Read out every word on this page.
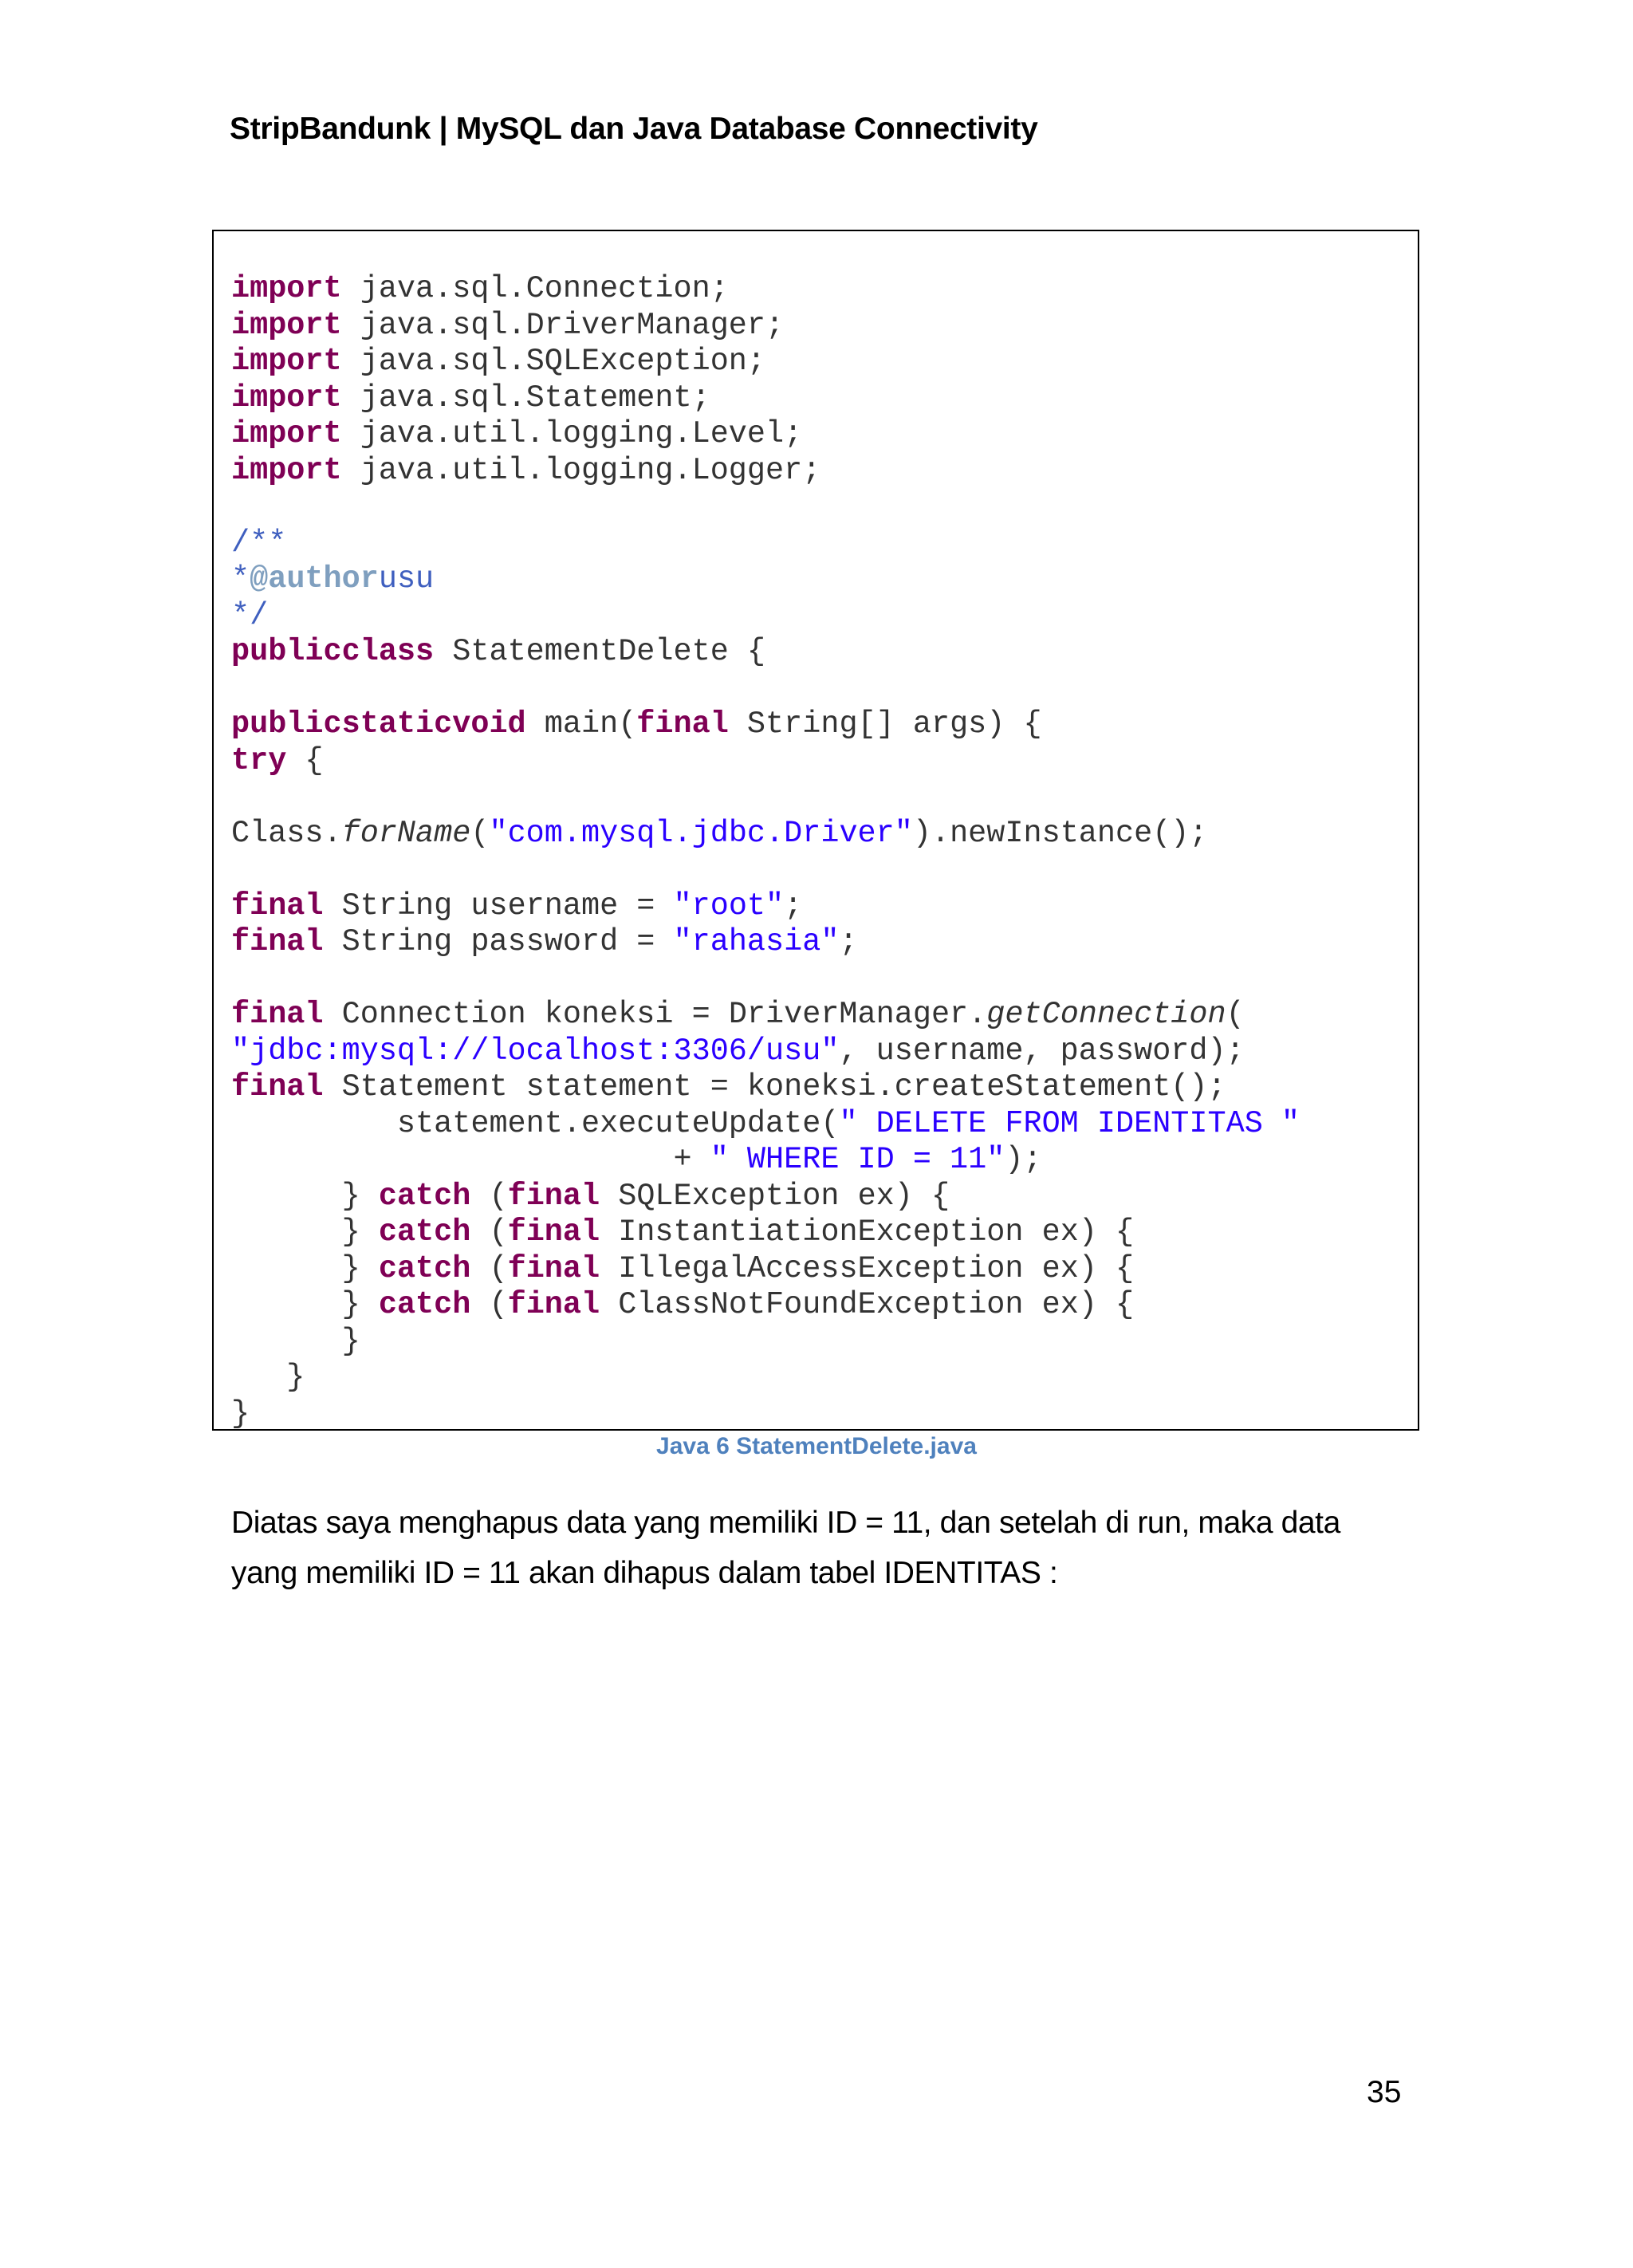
StripBandunk | MySQL dan Java Database Connectivity
import java.sql.Connection;
import java.sql.DriverManager;
import java.sql.SQLException;
import java.sql.Statement;
import java.util.logging.Level;
import java.util.logging.Logger;

/**
*@authorusu
*/
publicclass StatementDelete {

publicstaticvoid main(final String[] args) {
try {

Class.forName("com.mysql.jdbc.Driver").newInstance();

final String username = "root";
final String password = "rahasia";

final Connection koneksi = DriverManager.getConnection(
"jdbc:mysql://localhost:3306/usu", username, password);
final Statement statement = koneksi.createStatement();
statement.executeUpdate(" DELETE FROM IDENTITAS "
+ " WHERE ID = 11");
} catch (final SQLException ex) {
} catch (final InstantiationException ex) {
} catch (final IllegalAccessException ex) {
} catch (final ClassNotFoundException ex) {
}
}
}
Java 6 StatementDelete.java
Diatas saya menghapus data yang memiliki ID = 11, dan setelah di run, maka data
yang memiliki ID = 11 akan dihapus dalam tabel IDENTITAS :
35
